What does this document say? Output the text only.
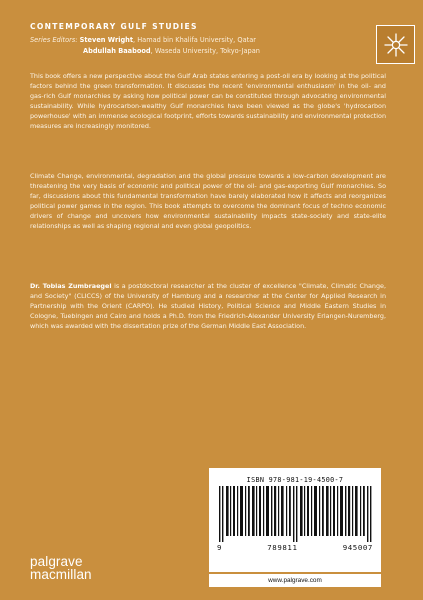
CONTEMPORARY GULF STUDIES
Series Editors: Steven Wright, Hamad bin Khalifa University, Qatar
Abdullah Baabood, Waseda University, Tokyo-Japan

This book offers a new perspective about the Gulf Arab states entering a post-oil era by looking at the political factors behind the green transformation. It discusses the recent 'environmental enthusiasm' in the oil- and gas-rich Gulf monarchies by asking how political power can be constituted through advocating environmental sustainability. While hydrocarbon-wealthy Gulf monarchies have been viewed as the globe's 'hydrocarbon powerhouse' with an immense ecological footprint, efforts towards sustainability and environmental protection measures are increasingly monitored.

Climate Change, environmental, degradation and the global pressure towards a low-carbon development are threatening the very basis of economic and political power of the oil- and gas-exporting Gulf monarchies. So far, discussions about this fundamental transformation have barely elaborated how it affects and reorganizes political power games in the region. This book attempts to overcome the dominant focus of techno economic drivers of change and uncovers how environmental sustainability impacts state-society and state-elite relationships as well as shaping regional and even global geopolitics.

Dr. Tobias Zumbraegel is a postdoctoral researcher at the cluster of excellence "Climate, Climatic Change, and Society" (CLICCS) of the University of Hamburg and a researcher at the Center for Applied Research in Partnership with the Orient (CARPO). He studied History, Political Science and Middle Eastern Studies in Cologne, Tuebingen and Cairo and holds a Ph.D. from the Friedrich-Alexander University Erlangen-Nuremberg, which was awarded with the dissertation prize of the German Middle East Association.

ISBN 978-981-19-4500-7
9	789811	945007
www.palgrave.com
palgrave
macmillan
